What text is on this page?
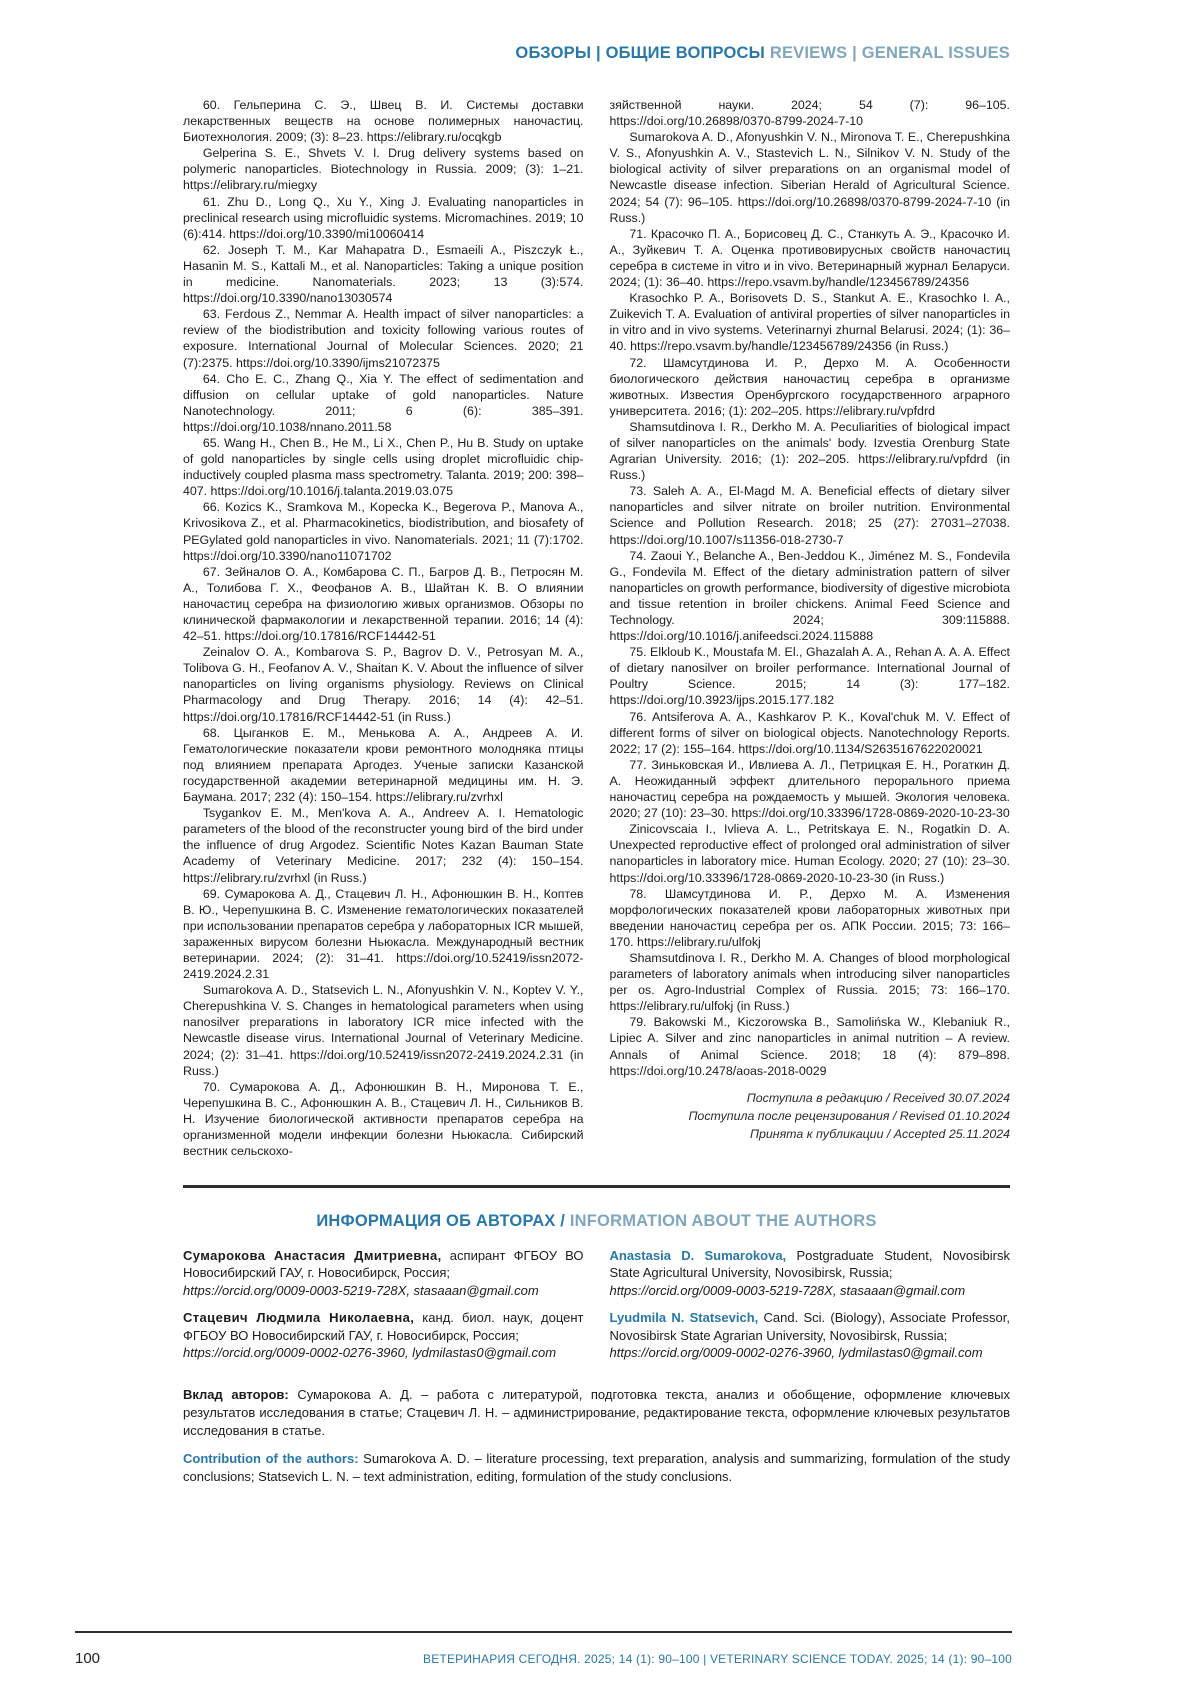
ОБЗОРЫ | ОБЩИЕ ВОПРОСЫ REVIEWS | GENERAL ISSUES

60. Гельперина С. Э., Швец В. И. Системы доставки лекарственных веществ на основе полимерных наночастиц. Биотехнология. 2009; (3): 8–23. https://elibrary.ru/ocqkgb

Gelperina S. E., Shvets V. I. Drug delivery systems based on polymeric nanoparticles. Biotechnology in Russia. 2009; (3): 1–21. https://elibrary.ru/miegxy

61. Zhu D., Long Q., Xu Y., Xing J. Evaluating nanoparticles in preclinical research using microfluidic systems. Micromachines. 2019; 10 (6):414. https://doi.org/10.3390/mi10060414

62. Joseph T. M., Kar Mahapatra D., Esmaeili A., Piszczyk Ł., Hasanin M. S., Kattali M., et al. Nanoparticles: Taking a unique position in medicine. Nanomaterials. 2023; 13 (3):574. https://doi.org/10.3390/nano13030574

63. Ferdous Z., Nemmar A. Health impact of silver nanoparticles: a review of the biodistribution and toxicity following various routes of exposure. International Journal of Molecular Sciences. 2020; 21 (7):2375. https://doi.org/10.3390/ijms21072375

64. Cho E. C., Zhang Q., Xia Y. The effect of sedimentation and diffusion on cellular uptake of gold nanoparticles. Nature Nanotechnology. 2011; 6 (6): 385–391. https://doi.org/10.1038/nnano.2011.58

65. Wang H., Chen B., He M., Li X., Chen P., Hu B. Study on uptake of gold nanoparticles by single cells using droplet microfluidic chip-inductively coupled plasma mass spectrometry. Talanta. 2019; 200: 398–407. https://doi.org/10.1016/j.talanta.2019.03.075

66. Kozics K., Sramkova M., Kopecka K., Begerova P., Manova A., Krivosikova Z., et al. Pharmacokinetics, biodistribution, and biosafety of PEGylated gold nanoparticles in vivo. Nanomaterials. 2021; 11 (7):1702. https://doi.org/10.3390/nano11071702

67. Зейналов О. А., Комбарова С. П., Багров Д. В., Петросян М. А., Толибова Г. Х., Феофанов А. В., Шайтан К. В. О влиянии наночастиц серебра на физиологию живых организмов. Обзоры по клинической фармакологии и лекарственной терапии. 2016; 14 (4): 42–51. https://doi.org/10.17816/RCF14442-51

Zeinalov O. A., Kombarova S. P., Bagrov D. V., Petrosyan M. A., Tolibova G. H., Feofanov A. V., Shaitan K. V. About the influence of silver nanoparticles on living organisms physiology. Reviews on Clinical Pharmacology and Drug Therapy. 2016; 14 (4): 42–51. https://doi.org/10.17816/RCF14442-51 (in Russ.)

68. Цыганков Е. М., Менькова А. А., Андреев А. И. Гематологические показатели крови ремонтного молодняка птицы под влиянием препарата Аргодез. Ученые записки Казанской государственной академии ветеринарной медицины им. Н. Э. Баумана. 2017; 232 (4): 150–154. https://elibrary.ru/zvrhxl

Tsygankov E. M., Men'kova A. A., Andreev A. I. Hematologic parameters of the blood of the reconstructer young bird of the bird under the influence of drug Argodez. Scientific Notes Kazan Bauman State Academy of Veterinary Medicine. 2017; 232 (4): 150–154. https://elibrary.ru/zvrhxl (in Russ.)

69. Сумарокова А. Д., Стацевич Л. Н., Афонюшкин В. Н., Коптев В. Ю., Черепушкина В. С. Изменение гематологических показателей при использовании препаратов серебра у лабораторных ICR мышей, зараженных вирусом болезни Ньюкасла. Международный вестник ветеринарии. 2024; (2): 31–41. https://doi.org/10.52419/issn2072-2419.2024.2.31

Sumarokova A. D., Statsevich L. N., Afonyushkin V. N., Koptev V. Y., Cherepushkina V. S. Changes in hematological parameters when using nanosilver preparations in laboratory ICR mice infected with the Newcastle disease virus. International Journal of Veterinary Medicine. 2024; (2): 31–41. https://doi.org/10.52419/issn2072-2419.2024.2.31 (in Russ.)

70. Сумарокова А. Д., Афонюшкин В. Н., Миронова Т. Е., Черепушкина В. С., Афонюшкин А. В., Стацевич Л. Н., Сильников В. Н. Изучение биологической активности препаратов серебра на организменной модели инфекции болезни Ньюкасла. Сибирский вестник сельскохо-

зяйственной науки. 2024; 54 (7): 96–105. https://doi.org/10.26898/0370-8799-2024-7-10

Sumarokova A. D., Afonyushkin V. N., Mironova T. E., Cherepushkina V. S., Afonyushkin A. V., Stastevich L. N., Silnikov V. N. Study of the biological activity of silver preparations on an organismal model of Newcastle disease infection. Siberian Herald of Agricultural Science. 2024; 54 (7): 96–105. https://doi.org/10.26898/0370-8799-2024-7-10 (in Russ.)

71. Красочко П. А., Борисовец Д. С., Станкуть А. Э., Красочко И. А., Зуйкевич Т. А. Оценка противовирусных свойств наночастиц серебра в системе in vitro и in vivo. Ветеринарный журнал Беларуси. 2024; (1): 36–40. https://repo.vsavm.by/handle/123456789/24356

Krasochko P. A., Borisovets D. S., Stankut A. E., Krasochko I. A., Zuikevich T. A. Evaluation of antiviral properties of silver nanoparticles in in vitro and in vivo systems. Veterinarnyi zhurnal Belarusi. 2024; (1): 36–40. https://repo.vsavm.by/handle/123456789/24356 (in Russ.)

72. Шамсутдинова И. Р., Дерхо М. А. Особенности биологического действия наночастиц серебра в организме животных. Известия Оренбургского государственного аграрного университета. 2016; (1): 202–205. https://elibrary.ru/vpfdrd

Shamsutdinova I. R., Derkho M. A. Peculiarities of biological impact of silver nanoparticles on the animals' body. Izvestia Orenburg State Agrarian University. 2016; (1): 202–205. https://elibrary.ru/vpfdrd (in Russ.)

73. Saleh A. A., El-Magd M. A. Beneficial effects of dietary silver nanoparticles and silver nitrate on broiler nutrition. Environmental Science and Pollution Research. 2018; 25 (27): 27031–27038. https://doi.org/10.1007/s11356-018-2730-7

74. Zaoui Y., Belanche A., Ben-Jeddou K., Jiménez M. S., Fondevila G., Fondevila M. Effect of the dietary administration pattern of silver nanoparticles on growth performance, biodiversity of digestive microbiota and tissue retention in broiler chickens. Animal Feed Science and Technology. 2024; 309:115888. https://doi.org/10.1016/j.anifeedsci.2024.115888

75. Elkloub K., Moustafa M. El., Ghazalah A. A., Rehan A. A. A. Effect of dietary nanosilver on broiler performance. International Journal of Poultry Science. 2015; 14 (3): 177–182. https://doi.org/10.3923/ijps.2015.177.182

76. Antsiferova A. A., Kashkarov P. K., Koval'chuk M. V. Effect of different forms of silver on biological objects. Nanotechnology Reports. 2022; 17 (2): 155–164. https://doi.org/10.1134/S2635167622020021

77. Зиньковская И., Ивлиева А. Л., Петрицкая Е. Н., Рогаткин Д. А. Неожиданный эффект длительного перорального приема наночастиц серебра на рождаемость у мышей. Экология человека. 2020; 27 (10): 23–30. https://doi.org/10.33396/1728-0869-2020-10-23-30

Zinicovscaia I., Ivlieva A. L., Petritskaya E. N., Rogatkin D. A. Unexpected reproductive effect of prolonged oral administration of silver nanoparticles in laboratory mice. Human Ecology. 2020; 27 (10): 23–30. https://doi.org/10.33396/1728-0869-2020-10-23-30 (in Russ.)

78. Шамсутдинова И. Р., Дерхо М. А. Изменения морфологических показателей крови лабораторных животных при введении наночастиц серебра per os. АПК России. 2015; 73: 166–170. https://elibrary.ru/ulfokj

Shamsutdinova I. R., Derkho M. A. Changes of blood morphological parameters of laboratory animals when introducing silver nanoparticles per os. Agro-Industrial Complex of Russia. 2015; 73: 166–170. https://elibrary.ru/ulfokj (in Russ.)

79. Bakowski M., Kiczorowska B., Samolińska W., Klebaniuk R., Lipiec A. Silver and zinc nanoparticles in animal nutrition – A review. Annals of Animal Science. 2018; 18 (4): 879–898. https://doi.org/10.2478/aoas-2018-0029

Поступила в редакцию / Received 30.07.2024
Поступила после рецензирования / Revised 01.10.2024
Принята к публикации / Accepted 25.11.2024
ИНФОРМАЦИЯ ОБ АВТОРАХ / INFORMATION ABOUT THE AUTHORS

Сумарокова Анастасия Дмитриевна, аспирант ФГБОУ ВО Новосибирский ГАУ, г. Новосибирск, Россия;
https://orcid.org/0009-0003-5219-728X, stasaaan@gmail.com

Стацевич Людмила Николаевна, канд. биол. наук, доцент ФГБОУ ВО Новосибирский ГАУ, г. Новосибирск, Россия;
https://orcid.org/0009-0002-0276-3960, lydmilastas0@gmail.com

Anastasia D. Sumarokova, Postgraduate Student, Novosibirsk State Agricultural University, Novosibirsk, Russia;
https://orcid.org/0009-0003-5219-728X, stasaaan@gmail.com

Lyudmila N. Statsevich, Cand. Sci. (Biology), Associate Professor, Novosibirsk State Agrarian University, Novosibirsk, Russia;
https://orcid.org/0009-0002-0276-3960, lydmilastas0@gmail.com

Вклад авторов: Сумарокова А. Д. – работа с литературой, подготовка текста, анализ и обобщение, оформление ключевых результатов исследования в статье; Стацевич Л. Н. – администрирование, редактирование текста, оформление ключевых результатов исследования в статье.

Contribution of the authors: Sumarokova A. D. – literature processing, text preparation, analysis and summarizing, formulation of the study conclusions; Statsevich L. N. – text administration, editing, formulation of the study conclusions.

100	ВЕТЕРИНАРИЯ СЕГОДНЯ. 2025; 14 (1): 90–100 | VETERINARY SCIENCE TODAY. 2025; 14 (1): 90–100
